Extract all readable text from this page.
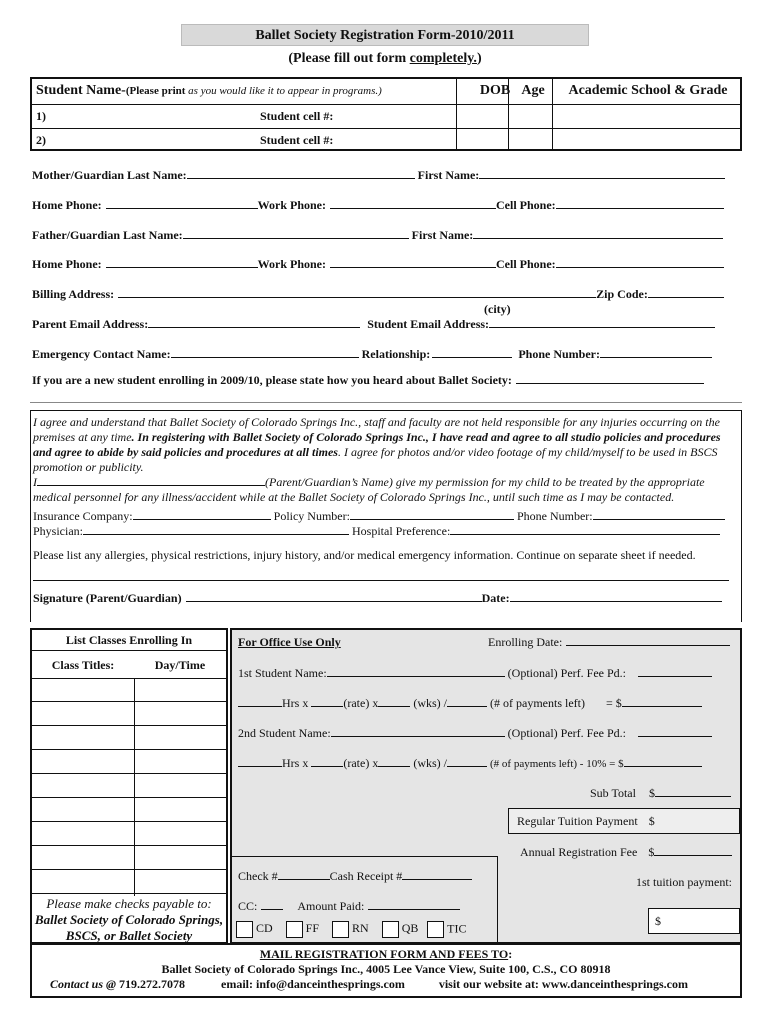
Ballet Society Registration Form-2010/2011
(Please fill out form completely.)
Student Name-(Please print as you would like it to appear in programs.)	DOB Age	Academic School & Grade
1)	Student cell #:
2)	Student cell #:
Mother/Guardian Last Name:	First Name:
Home Phone:	Work Phone:	Cell Phone:
Father/Guardian Last Name:	First Name:
Home Phone:	Work Phone:	Cell Phone:
Billing Address:	Zip Code:
(city)
Parent Email Address:	Student Email Address:
Emergency Contact Name:	Relationship:	Phone Number:
If you are a new student enrolling in 2009/10, please state how you heard about Ballet Society:
I agree and understand that Ballet Society of Colorado Springs Inc., staff and faculty are not held responsible for any injuries occurring on the premises at any time. In registering with Ballet Society of Colorado Springs Inc., I have read and agree to all studio policies and procedures and agree to abide by said policies and procedures at all times. I agree for photos and/or video footage of my child/myself to be used in BSCS promotion or publicity.
I	(Parent/Guardian’s Name) give my permission for my child to be treated by the appropriate medical personnel for any illness/accident while at the Ballet Society of Colorado Springs Inc., until such time as I may be contacted.
Insurance Company:	Policy Number:	Phone Number:
Physician:	Hospital Preference:
Please list any allergies, physical restrictions, injury history, and/or medical emergency information. Continue on separate sheet if needed.
Signature (Parent/Guardian)	Date:
List Classes Enrolling In
Class Titles:	Day/Time
Please make checks payable to:
Ballet Society of Colorado Springs, BSCS, or Ballet Society
For Office Use Only	Enrolling Date:
1st Student Name:	(Optional) Perf. Fee Pd.:
Hrs x	(rate) x	(wks) /	(# of payments left) = $
2nd Student Name:	(Optional) Perf. Fee Pd.:
Hrs x	(rate) x	(wks) /	(# of payments left) - 10% = $
Sub Total $
Regular Tuition Payment $
Annual Registration Fee $
Check #	Cash Receipt #
CC:	Amount Paid:
CD	FF	RN	QB TIC
1st tuition payment:
$
MAIL REGISTRATION FORM AND FEES TO:
Ballet Society of Colorado Springs Inc., 4005 Lee Vance View, Suite 100, C.S., CO 80918
Contact us @ 719.272.7078	email: info@danceinthesprings.com	visit our website at: www.danceinthesprings.com
